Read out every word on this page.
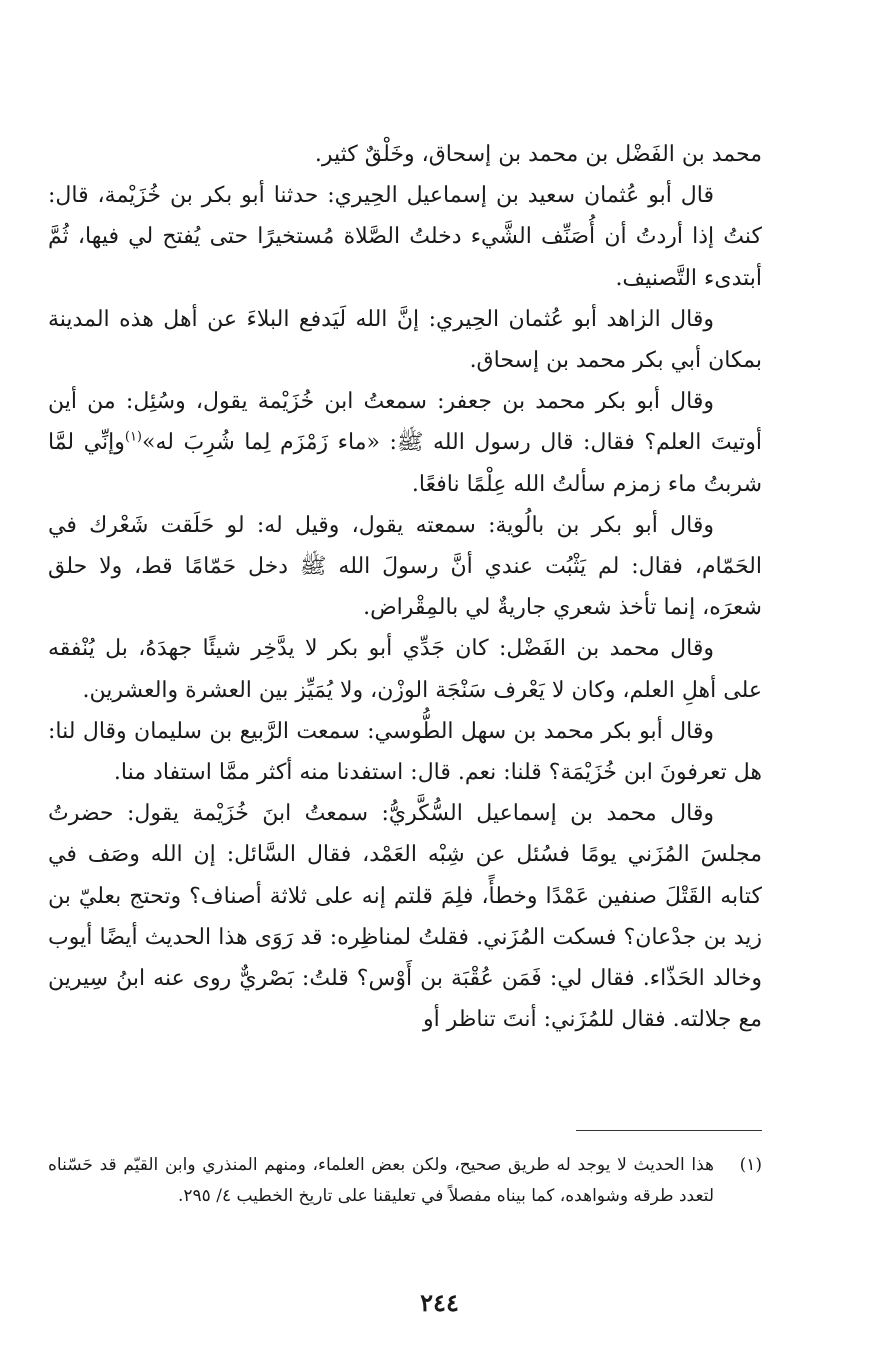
محمد بن الفَضْل بن محمد بن إسحاق، وخَلْقٌ كثير.

قال أبو عُثمان سعيد بن إسماعيل الحِيري: حدثنا أبو بكر بن خُزَيْمة، قال: كنتُ إذا أردتُ أن أُصَنِّف الشَّيء دخلتُ الصَّلاة مُستخيرًا حتى يُفتح لي فيها، ثُمَّ أبتدىء التَّصنيف.

وقال الزاهد أبو عُثمان الحِيري: إنَّ الله لَيَدفع البلاءَ عن أهل هذه المدينة بمكان أبي بكر محمد بن إسحاق.

وقال أبو بكر محمد بن جعفر: سمعتُ ابن خُزَيْمة يقول، وسُئِل: من أين أوتيتَ العلم؟ فقال: قال رسول الله ﷺ: «ماء زَمْزَم لِما شُرِبَ له»$^{(١)}$وإنِّي لمَّا شربتُ ماء زمزم سألتُ الله عِلْمًا نافعًا.

وقال أبو بكر بن بالُوية: سمعته يقول، وقيل له: لو حَلَقت شَعْرك في الحَمّام، فقال: لم يَثْبُت عندي أنَّ رسولَ الله ﷺ دخل حَمّامًا قط، ولا حلق شعرَه، إنما تأخذ شعري جاريةٌ لي بالمِقْراض.

وقال محمد بن الفَضْل: كان جَدِّي أبو بكر لا يدَّخِر شيئًا جهدَهُ، بل يُنْفقه على أهلِ العلم، وكان لا يَعْرف سَنْجَة الوزْن، ولا يُمَيِّز بين العشرة والعشرين.

وقال أبو بكر محمد بن سهل الطُّوسي: سمعت الرَّبيع بن سليمان وقال لنا: هل تعرفونَ ابن خُزَيْمَة؟ قلنا: نعم. قال: استفدنا منه أكثر ممَّا استفاد منا.

وقال محمد بن إسماعيل السُّكَّريُّ: سمعتُ ابنَ خُزَيْمة يقول: حضرتُ مجلسَ المُزَني يومًا فسُئل عن شِبْه العَمْد، فقال السَّائل: إن الله وصَف في كتابه القَتْلَ صنفين عَمْدًا وخطأً، فلِمَ قلتم إنه على ثلاثة أصناف؟ وتحتج بعليّ بن زيد بن جدْعان؟ فسكت المُزَني. فقلتُ لمناظِره: قد رَوَى هذا الحديث أيضًا أيوب وخالد الحَذّاء. فقال لي: فَمَن عُقْبَة بن أَوْس؟ قلتُ: بَصْريٌّ روى عنه ابنُ سِيرين مع جلالته. فقال للمُزَني: أنتَ تناظر أو

(١)
هذا الحديث لا يوجد له طريق صحيح، ولكن بعض العلماء، ومنهم المنذري وابن القيّم قد حَسّناه لتعدد طرقه وشواهده، كما بيناه مفصلاً في تعليقنا على تاريخ الخطيب ٤/ ٢٩٥.
٢٤٤
